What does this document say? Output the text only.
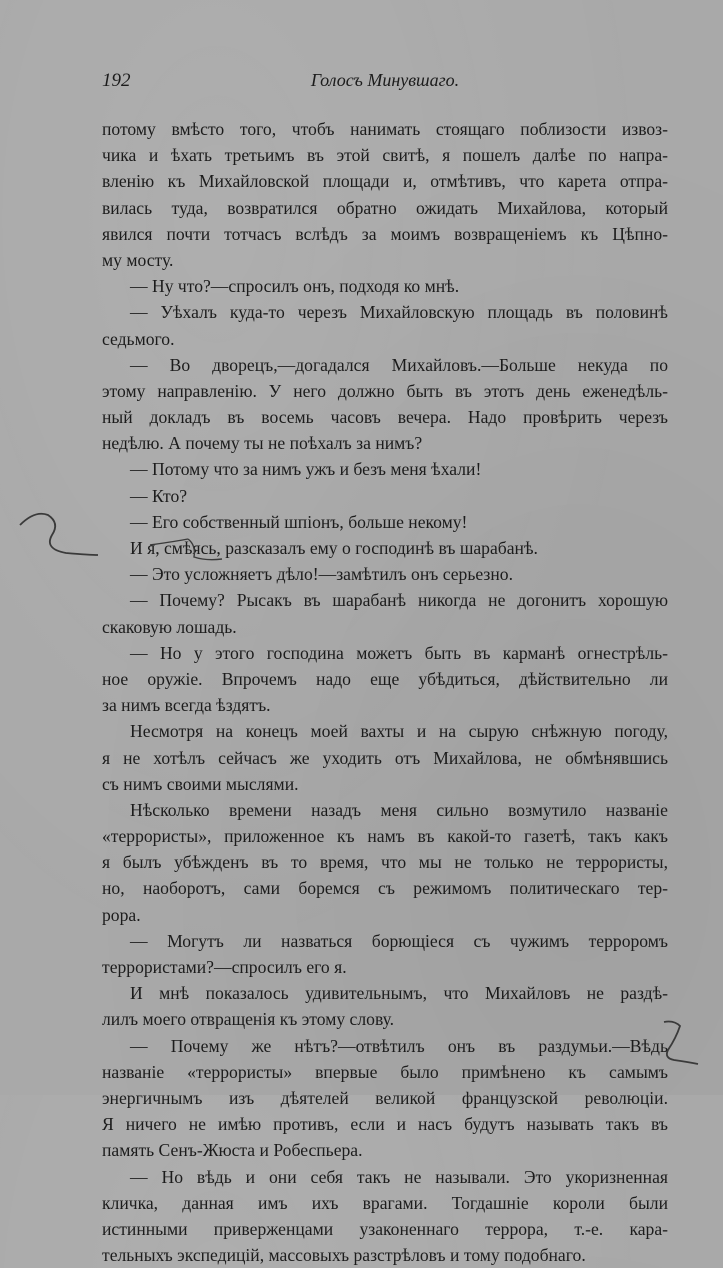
192	Голосъ Минувшаго.
потому вмѣсто того, чтобъ нанимать стоящаго поблизости извоз-
чика и ѣхать третьимъ въ этой свитѣ, я пошелъ далѣе по напра-
вленiю къ Михайловской площади и, отмѣтивъ, что карета отпра-
вилась туда, возвратился обратно ожидать Михайлова, который
явился почти тотчасъ вслѣдъ за моимъ возвращенiемъ къ Цѣпно-
му мосту.
— Ну что?—спросилъ онъ, подходя ко мнѣ.
— Уѣхалъ куда-то черезъ Михайловскую площадь въ половинѣ
седьмого.
— Во дворецъ,—догадался Михайловъ.—Больше некуда по
этому направленiю. У него должно быть въ этотъ день еженедѣль-
ный докладъ въ восемь часовъ вечера. Надо провѣрить черезъ
недѣлю. А почему ты не поѣхалъ за нимъ?
— Потому что за нимъ ужъ и безъ меня ѣхали!
— Кто?
— Его собственный шпiонъ, больше некому!
И я, смѣясь, разсказалъ ему о господинѣ въ шарабанѣ.
— Это усложняетъ дѣло!—замѣтилъ онъ серьезно.
— Почему? Рысакъ въ шарабанѣ никогда не догонитъ хорошую
скаковую лошадь.
— Но у этого господина можетъ быть въ карманѣ огнестрѣль-
ное оружiе. Впрочемъ надо еще убѣдиться, дѣйствительно ли
за нимъ всегда ѣздятъ.
Несмотря на конецъ моей вахты и на сырую снѣжную погоду,
я не хотѣлъ сейчасъ же уходить отъ Михайлова, не обмѣнявшись
съ нимъ своими мыслями.
Нѣсколько времени назадъ меня сильно возмутило названiе
«террористы», приложенное къ намъ въ какой-то газетѣ, такъ какъ
я былъ убѣжденъ въ то время, что мы не только не террористы,
но, наоборотъ, сами боремся съ режимомъ политическаго тер-
рора.
— Могутъ ли назваться борющiеся съ чужимъ терроромъ
террористами?—спросилъ его я.
И мнѣ показалось удивительнымъ, что Михайловъ не раздѣ-
лилъ моего отвращенiя къ этому слову.
— Почему же нѣтъ?—отвѣтилъ онъ въ раздумьи.—Вѣдь
названiе «террористы» впервые было примѣнено къ самымъ
энергичнымъ изъ дѣятелей великой французской революцiи.
Я ничего не имѣю противъ, если и насъ будутъ называть такъ въ
память Сенъ-Жюста и Робеспьера.
— Но вѣдь и они себя такъ не называли. Это укоризненная
кличка, данная имъ ихъ врагами. Тогдашнiе короли были
истинными приверженцами узаконеннаго террора, т.-е. кара-
тельныхъ экспедицiй, массовыхъ разстрѣловъ и тому подобнаго.
